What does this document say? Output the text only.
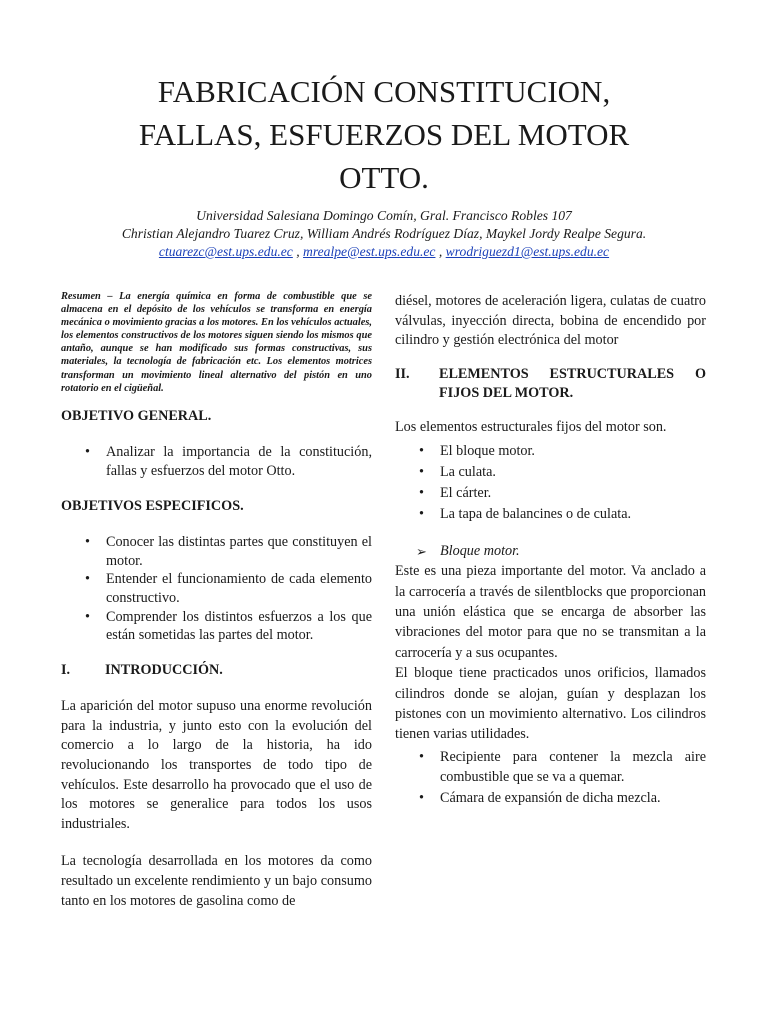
FABRICACIÓN CONSTITUCION,
FALLAS, ESFUERZOS DEL MOTOR
OTTO.
Universidad Salesiana Domingo Comín, Gral. Francisco Robles 107
Christian Alejandro Tuarez Cruz, William Andrés Rodríguez Díaz, Maykel Jordy Realpe Segura.
ctuarezc@est.ups.edu.ec , mrealpe@est.ups.edu.ec , wrodriguezd1@est.ups.edu.ec

Resumen – La energía química en forma de combustible que se almacena en el depósito de los vehículos se transforma en energía mecánica o movimiento gracias a los motores. En los vehículos actuales, los elementos constructivos de los motores siguen siendo los mismos que antaño, aunque se han modificado sus formas constructivas, sus materiales, la tecnología de fabricación etc. Los elementos motrices transforman un movimiento lineal alternativo del pistón en uno rotatorio en el cigüeñal.

OBJETIVO GENERAL.
• Analizar la importancia de la constitución, fallas y esfuerzos del motor Otto.
OBJETIVOS ESPECIFICOS.
• Conocer las distintas partes que constituyen el motor.
• Entender el funcionamiento de cada elemento constructivo.
• Comprender los distintos esfuerzos a los que están sometidas las partes del motor.
I.	INTRODUCCIÓN.

La aparición del motor supuso una enorme revolución para la industria, y junto esto con la evolución del comercio a lo largo de la historia, ha ido revolucionando los transportes de todo tipo de vehículos. Este desarrollo ha provocado que el uso de los motores se generalice para todos los usos industriales.

La tecnología desarrollada en los motores da como resultado un excelente rendimiento y un bajo consumo tanto en los motores de gasolina como de

diésel, motores de aceleración ligera, culatas de cuatro válvulas, inyección directa, bobina de encendido por cilindro y gestión electrónica del motor

II.	ELEMENTOS ESTRUCTURALES O FIJOS DEL MOTOR.

Los elementos estructurales fijos del motor son.

• El bloque motor.
• La culata.
• El cárter.
• La tapa de balancines o de culata.
➢ Bloque motor.

Este es una pieza importante del motor. Va anclado a la carrocería a través de silentblocks que proporcionan una unión elástica que se encarga de absorber las vibraciones del motor para que no se transmitan a la carrocería y a sus ocupantes.

El bloque tiene practicados unos orificios, llamados cilindros donde se alojan, guían y desplazan los pistones con un movimiento alternativo. Los cilindros tienen varias utilidades.

• Recipiente para contener la mezcla aire combustible que se va a quemar.
• Cámara de expansión de dicha mezcla.
